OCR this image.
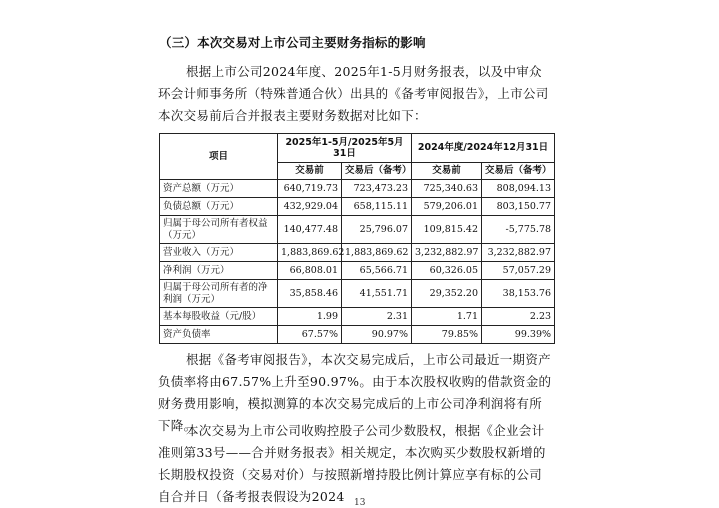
（三）本次交易对上市公司主要财务指标的影响
根据上市公司2024年度、2025年1-5月财务报表，以及中审众环会计师事务所（特殊普通合伙）出具的《备考审阅报告》，上市公司本次交易前后合并报表主要财务数据对比如下：
项目	2025年1-5月/2025年5月31日		2024年度/2024年12月31日	
	交易前	交易后（备考）	交易前	交易后（备考）
资产总额（万元）	640,719.73	723,473.23	725,340.63	808,094.13
负债总额（万元）	432,929.04	658,115.11	579,206.01	803,150.77
归属于母公司所有者权益（万元）	140,477.48	25,796.07	109,815.42	-5,775.78
营业收入（万元）	1,883,869.62	1,883,869.62	3,232,882.97	3,232,882.97
净利润（万元）	66,808.01	65,566.71	60,326.05	57,057.29
归属于母公司所有者的净利润（万元）	35,858.46	41,551.71	29,352.20	38,153.76
基本每股收益（元/股）	1.99	2.31	1.71	2.23
资产负债率	67.57%	90.97%	79.85%	99.39%
根据《备考审阅报告》，本次交易完成后，上市公司最近一期资产负债率将由67.57%上升至90.97%。由于本次股权收购的借款资金的财务费用影响，模拟测算的本次交易完成后的上市公司净利润将有所下降。
本次交易为上市公司收购控股子公司少数股权，根据《企业会计准则第33号——合并财务报表》相关规定，本次购买少数股权新增的长期股权投资（交易对价）与按照新增持股比例计算应享有标的公司自合并日（备考报表假设为2024	13
